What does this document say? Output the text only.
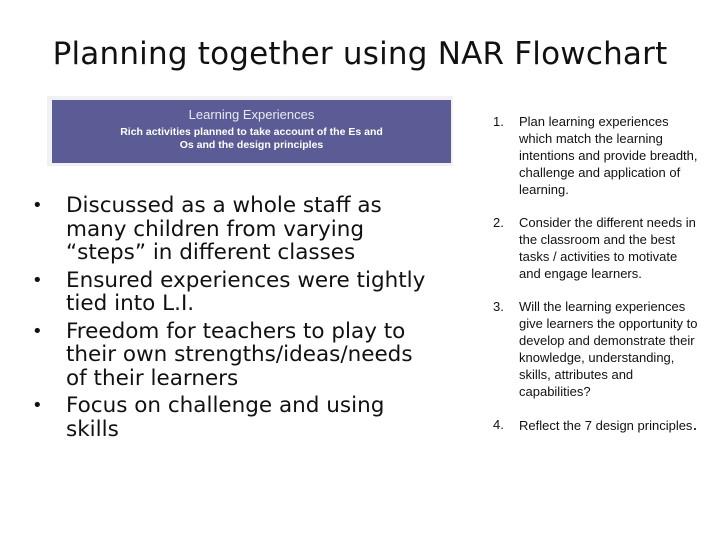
Planning together using NAR Flowchart
Learning Experiences
Rich activities planned to take account of the Es and Os and the design principles
• Discussed as a whole staff as many children from varying “steps” in different classes
• Ensured experiences were tightly tied into L.I.
• Freedom for teachers to play to their own strengths/ideas/needs of their learners
• Focus on challenge and using skills
1. Plan learning experiences which match the learning intentions and provide breadth, challenge and application of learning.
2. Consider the different needs in the classroom and the best tasks / activities to motivate and engage learners.
3. Will the learning experiences give learners the opportunity to develop and demonstrate their knowledge, understanding, skills, attributes and capabilities?
4. Reflect the 7 design principles.
